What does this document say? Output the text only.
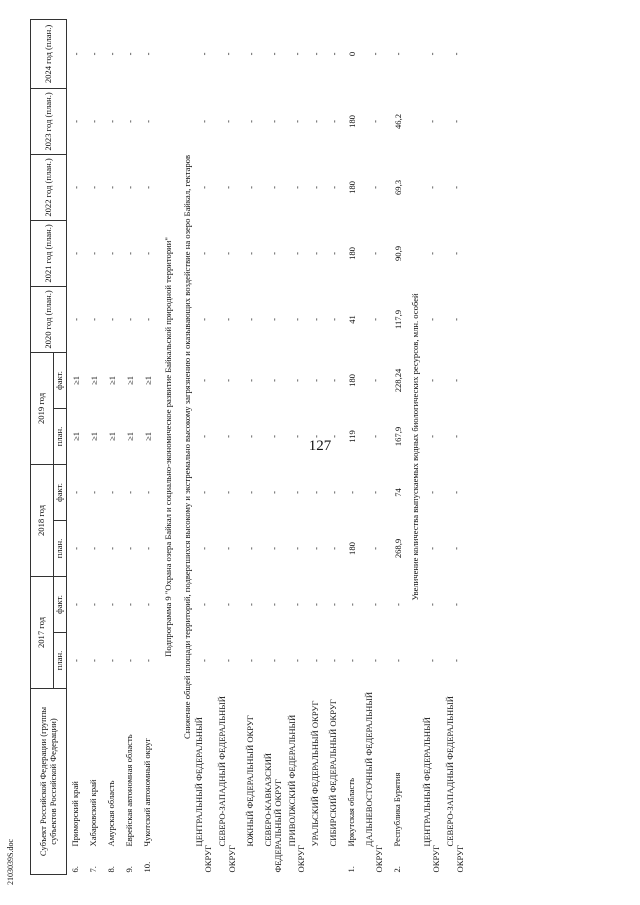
127
Субъект Российской Федерации (группы субъектов Российской Федерации)	2017 год		2018 год		2019 год		2020 год (план.)	2021 год (план.)	2022 год (план.)	2023 год (план.)	2024 год (план.)
	план.	факт.	план.	факт.	план.	факт.					
6.Приморский край	-	-	-	-	≥1	≥1	-	-	-	-	-
7.Хабаровский край	-	-	-	-	≥1	≥1	-	-	-	-	-
8.Амурская область	-	-	-	-	≥1	≥1	-	-	-	-	-
9.Еврейская автономная область	-	-	-	-	≥1	≥1	-	-	-	-	-
10.Чукотский автономный округ	-	-	-	-	≥1	≥1	-	-	-	-	-
Подпрограмма 9 "Охрана озера Байкал и социально-экономическое развитие Байкальской природной территории"											
Снижение общей площади территорий, подвергшихся высокому и экстремально высокому загрязнению и оказывающих воздействие на озеро Байкал, гектаров											
ЦЕНТРАЛЬНЫЙ ФЕДЕРАЛЬНЫЙ ОКРУГ	-	-	-	-	-	-	-	-	-	-	-
СЕВЕРО-ЗАПАДНЫЙ ФЕДЕРАЛЬНЫЙ ОКРУГ	-	-	-	-	-	-	-	-	-	-	-
ЮЖНЫЙ ФЕДЕРАЛЬНЫЙ ОКРУГ	-	-	-	-	-	-	-	-	-	-	-
СЕВЕРО-КАВКАЗСКИЙ ФЕДЕРАЛЬНЫЙ ОКРУГ	-	-	-	-	-	-	-	-	-	-	-
ПРИВОЛЖСКИЙ ФЕДЕРАЛЬНЫЙ ОКРУГ	-	-	-	-	-	-	-	-	-	-	-
УРАЛЬСКИЙ ФЕДЕРАЛЬНЫЙ ОКРУГ	-	-	-	-	-	-	-	-	-	-	-
СИБИРСКИЙ ФЕДЕРАЛЬНЫЙ ОКРУГ	-	-	-	-	-	-	-	-	-	-	-
1.Иркутская область	-	-	180	-	119	180	41	180	180	180	0
ДАЛЬНЕВОСТОЧНЫЙ ФЕДЕРАЛЬНЫЙ ОКРУГ	-	-	-	-	-	-	-	-	-	-	-
2.Республика Бурятия	-	-	268,9	74	167,9	228,24	117,9	90,9	69,3	46,2	-
Увеличение количества выпускаемых водных биологических ресурсов, млн. особей											
ЦЕНТРАЛЬНЫЙ ФЕДЕРАЛЬНЫЙ ОКРУГ	-	-	-	-	-	-	-	-	-	-	-
СЕВЕРО-ЗАПАДНЫЙ ФЕДЕРАЛЬНЫЙ ОКРУГ	-	-	-	-	-	-	-	-	-	-	-
2103039S.doc
